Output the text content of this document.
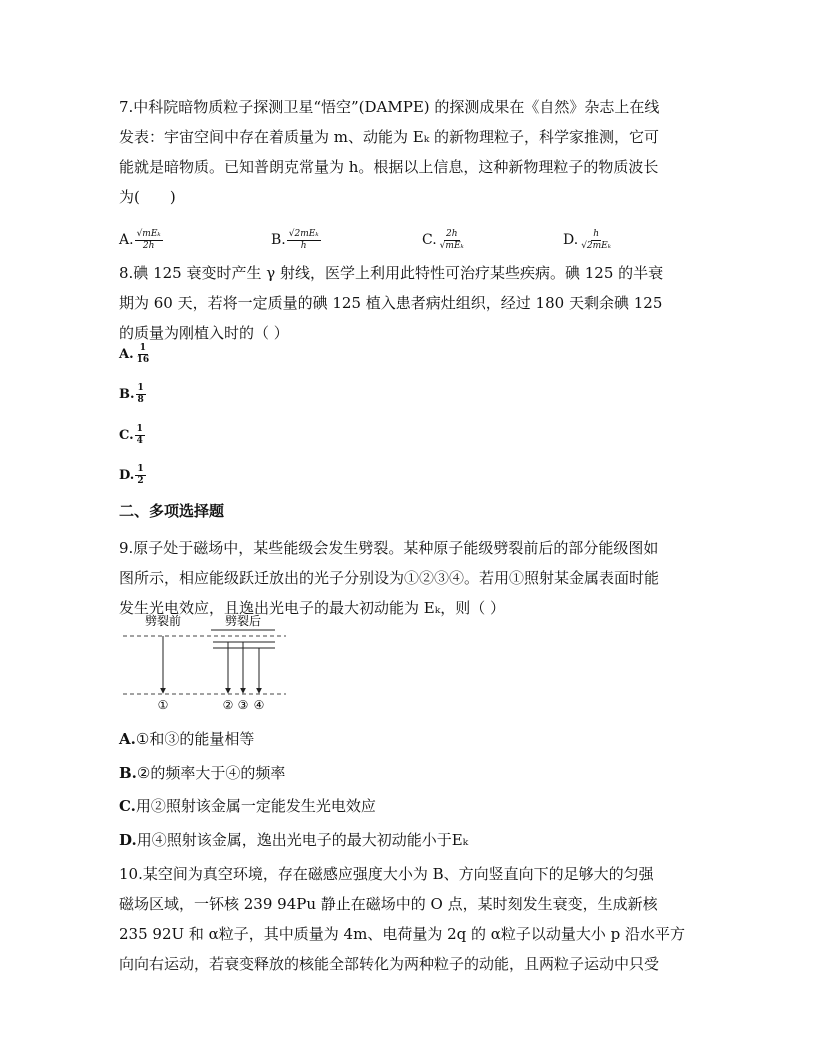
7.中科院暗物质粒子探测卫星“悟空”(DAMPE) 的探测成果在《自然》杂志上在线

发表：宇宙空间中存在着质量为 m、动能为 Eₖ 的新物理粒子，科学家推测，它可

能就是暗物质。已知普朗克常量为 h。根据以上信息，这种新物理粒子的物质波长

为(　　)

A. $\frac{\text{√mEₖ}}{2h}$	B. $\frac{\text{√2mEₖ}}{h}$	C. $\frac{2h}{\text{√mEₖ}}$	D. $\frac{h}{\text{√2mEₖ}}$

8.碘 125 衰变时产生 γ 射线，医学上利用此特性可治疗某些疾病。碘 125 的半衰

期为 60 天，若将一定质量的碘 125 植入患者病灶组织，经过 180 天剩余碘 125

的质量为刚植入时的（ ）

A. $\frac{1}{16}$
B. $\frac{1}{8}$
C. $\frac{1}{4}$
D. $\frac{1}{2}$
二、多项选择题

9.原子处于磁场中，某些能级会发生劈裂。某种原子能级劈裂前后的部分能级图如

图所示，相应能级跃迁放出的光子分别设为①②③④。若用①照射某金属表面时能

发生光电效应，且逸出光电子的最大初动能为 Eₖ，则（ ）

劈裂前	劈裂后
①	② ③ ④
A.①和③的能量相等
B.②的频率大于④的频率
C.用②照射该金属一定能发生光电效应
D.用④照射该金属，逸出光电子的最大初动能小于Eₖ

10.某空间为真空环境，存在磁感应强度大小为 B、方向竖直向下的足够大的匀强

磁场区域，一钚核 239 94Pu 静止在磁场中的 O 点，某时刻发生衰变，生成新核

235 92U 和 α粒子，其中质量为 4m、电荷量为 2q 的 α粒子以动量大小 p 沿水平方

向向右运动，若衰变释放的核能全部转化为两种粒子的动能，且两粒子运动中只受
